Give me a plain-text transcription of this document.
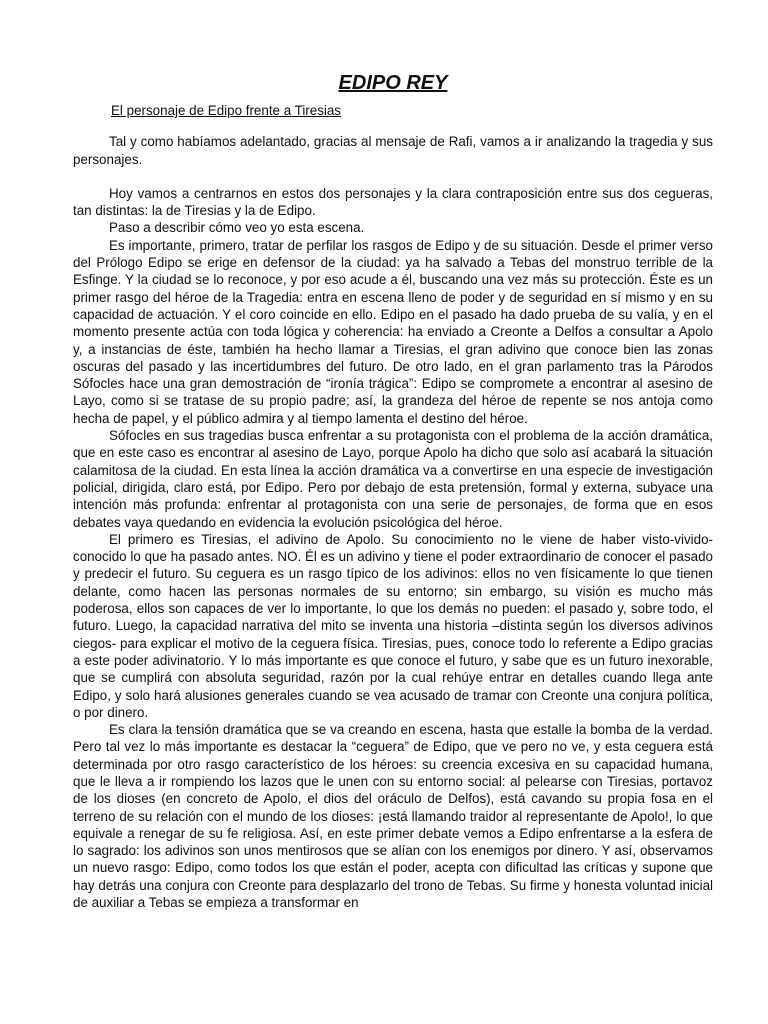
EDIPO REY
El personaje de Edipo frente a Tiresias

Tal y como habíamos adelantado, gracias al mensaje de Rafi, vamos a ir analizando la tragedia y sus personajes.

Hoy vamos a centrarnos en estos dos personajes y la clara contraposición entre sus dos cegueras, tan distintas: la de Tiresias y la de Edipo.

Paso a describir cómo veo yo esta escena.

Es importante, primero, tratar de perfilar los rasgos de Edipo y de su situación. Desde el primer verso del Prólogo Edipo se erige en defensor de la ciudad: ya ha salvado a Tebas del monstruo terrible de la Esfinge. Y la ciudad se lo reconoce, y por eso acude a él, buscando una vez más su protección. Éste es un primer rasgo del héroe de la Tragedia: entra en escena lleno de poder y de seguridad en sí mismo y en su capacidad de actuación. Y el coro coincide en ello. Edipo en el pasado ha dado prueba de su valía, y en el momento presente actúa con toda lógica y coherencia: ha enviado a Creonte a Delfos a consultar a Apolo y, a instancias de éste, también ha hecho llamar a Tiresias, el gran adivino que conoce bien las zonas oscuras del pasado y las incertidumbres del futuro. De otro lado, en el gran parlamento tras la Párodos Sófocles hace una gran demostración de “ironía trágica”: Edipo se compromete a encontrar al asesino de Layo, como si se tratase de su propio padre; así, la grandeza del héroe de repente se nos antoja como hecha de papel, y el público admira y al tiempo lamenta el destino del héroe.

Sófocles en sus tragedias busca enfrentar a su protagonista con el problema de la acción dramática, que en este caso es encontrar al asesino de Layo, porque Apolo ha dicho que solo así acabará la situación calamitosa de la ciudad. En esta línea la acción dramática va a convertirse en una especie de investigación policial, dirigida, claro está, por Edipo. Pero por debajo de esta pretensión, formal y externa, subyace una intención más profunda: enfrentar al protagonista con una serie de personajes, de forma que en esos debates vaya quedando en evidencia la evolución psicológica del héroe.

El primero es Tiresias, el adivino de Apolo. Su conocimiento no le viene de haber visto-vivido-conocido lo que ha pasado antes. NO. Él es un adivino y tiene el poder extraordinario de conocer el pasado y predecir el futuro. Su ceguera es un rasgo típico de los adivinos: ellos no ven físicamente lo que tienen delante, como hacen las personas normales de su entorno; sin embargo, su visión es mucho más poderosa, ellos son capaces de ver lo importante, lo que los demás no pueden: el pasado y, sobre todo, el futuro. Luego, la capacidad narrativa del mito se inventa una historia –distinta según los diversos adivinos ciegos- para explicar el motivo de la ceguera física. Tiresias, pues, conoce todo lo referente a Edipo gracias a este poder adivinatorio. Y lo más importante es que conoce el futuro, y sabe que es un futuro inexorable, que se cumplirá con absoluta seguridad, razón por la cual rehúye entrar en detalles cuando llega ante Edipo, y solo hará alusiones generales cuando se vea acusado de tramar con Creonte una conjura política, o por dinero.

Es clara la tensión dramática que se va creando en escena, hasta que estalle la bomba de la verdad. Pero tal vez lo más importante es destacar la “ceguera” de Edipo, que ve pero no ve, y esta ceguera está determinada por otro rasgo característico de los héroes: su creencia excesiva en su capacidad humana, que le lleva a ir rompiendo los lazos que le unen con su entorno social: al pelearse con Tiresias, portavoz de los dioses (en concreto de Apolo, el dios del oráculo de Delfos), está cavando su propia fosa en el terreno de su relación con el mundo de los dioses: ¡está llamando traidor al representante de Apolo!, lo que equivale a renegar de su fe religiosa. Así, en este primer debate vemos a Edipo enfrentarse a la esfera de lo sagrado: los adivinos son unos mentirosos que se alían con los enemigos por dinero. Y así, observamos un nuevo rasgo: Edipo, como todos los que están el poder, acepta con dificultad las críticas y supone que hay detrás una conjura con Creonte para desplazarlo del trono de Tebas. Su firme y honesta voluntad inicial de auxiliar a Tebas se empieza a transformar en
